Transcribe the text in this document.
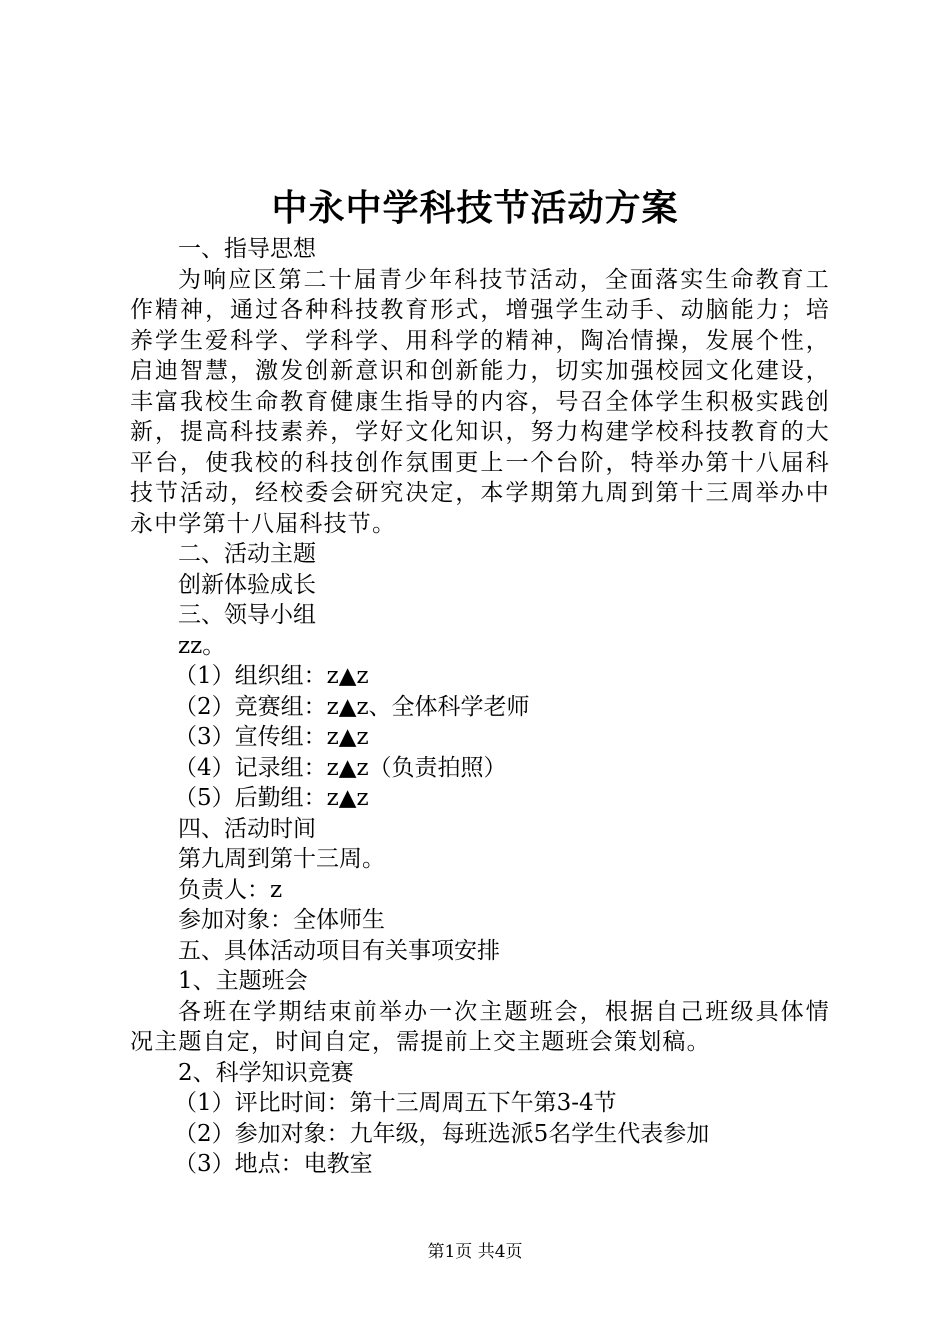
中永中学科技节活动方案
一、指导思想
为响应区第二十届青少年科技节活动，全面落实生命教育工作精神，通过各种科技教育形式，增强学生动手、动脑能力；培养学生爱科学、学科学、用科学的精神，陶冶情操，发展个性，启迪智慧，激发创新意识和创新能力，切实加强校园文化建设，丰富我校生命教育健康生指导的内容，号召全体学生积极实践创新，提高科技素养，学好文化知识，努力构建学校科技教育的大平台，使我校的科技创作氛围更上一个台阶，特举办第十八届科技节活动，经校委会研究决定，本学期第九周到第十三周举办中永中学第十八届科技节。
二、活动主题
创新体验成长
三、领导小组
zz。
（1）组织组：z▲z
（2）竞赛组：z▲z、全体科学老师
（3）宣传组：z▲z
（4）记录组：z▲z（负责拍照）
（5）后勤组：z▲z
四、活动时间
第九周到第十三周。
负责人：z
参加对象：全体师生
五、具体活动项目有关事项安排
1、主题班会
各班在学期结束前举办一次主题班会，根据自己班级具体情况主题自定，时间自定，需提前上交主题班会策划稿。
2、科学知识竞赛
（1）评比时间：第十三周周五下午第3-4节
（2）参加对象：九年级，每班选派5名学生代表参加
（3）地点：电教室
第1页 共4页
